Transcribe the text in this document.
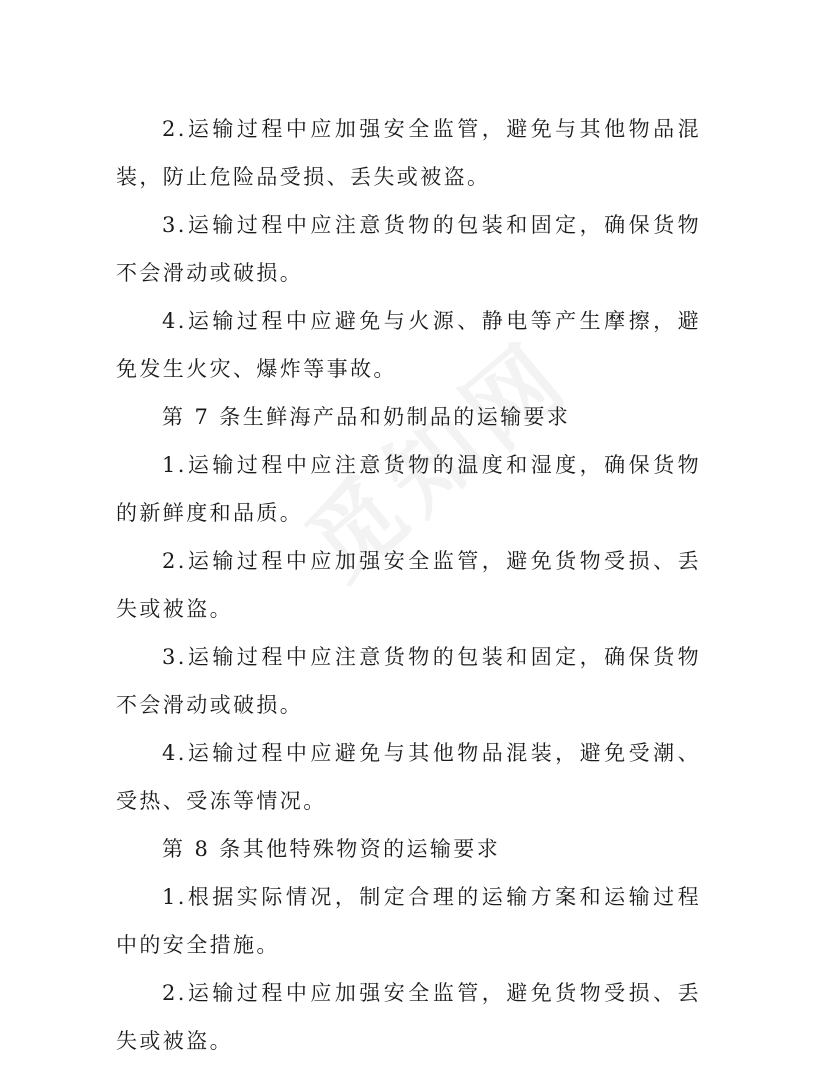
2.运输过程中应加强安全监管，避免与其他物品混装，防止危险品受损、丢失或被盗。

3.运输过程中应注意货物的包装和固定，确保货物不会滑动或破损。

4.运输过程中应避免与火源、静电等产生摩擦，避免发生火灾、爆炸等事故。

第 7 条生鲜海产品和奶制品的运输要求

1.运输过程中应注意货物的温度和湿度，确保货物的新鲜度和品质。

2.运输过程中应加强安全监管，避免货物受损、丢失或被盗。

3.运输过程中应注意货物的包装和固定，确保货物不会滑动或破损。

4.运输过程中应避免与其他物品混装，避免受潮、受热、受冻等情况。

第 8 条其他特殊物资的运输要求

1.根据实际情况，制定合理的运输方案和运输过程中的安全措施。

2.运输过程中应加强安全监管，避免货物受损、丢失或被盗。
